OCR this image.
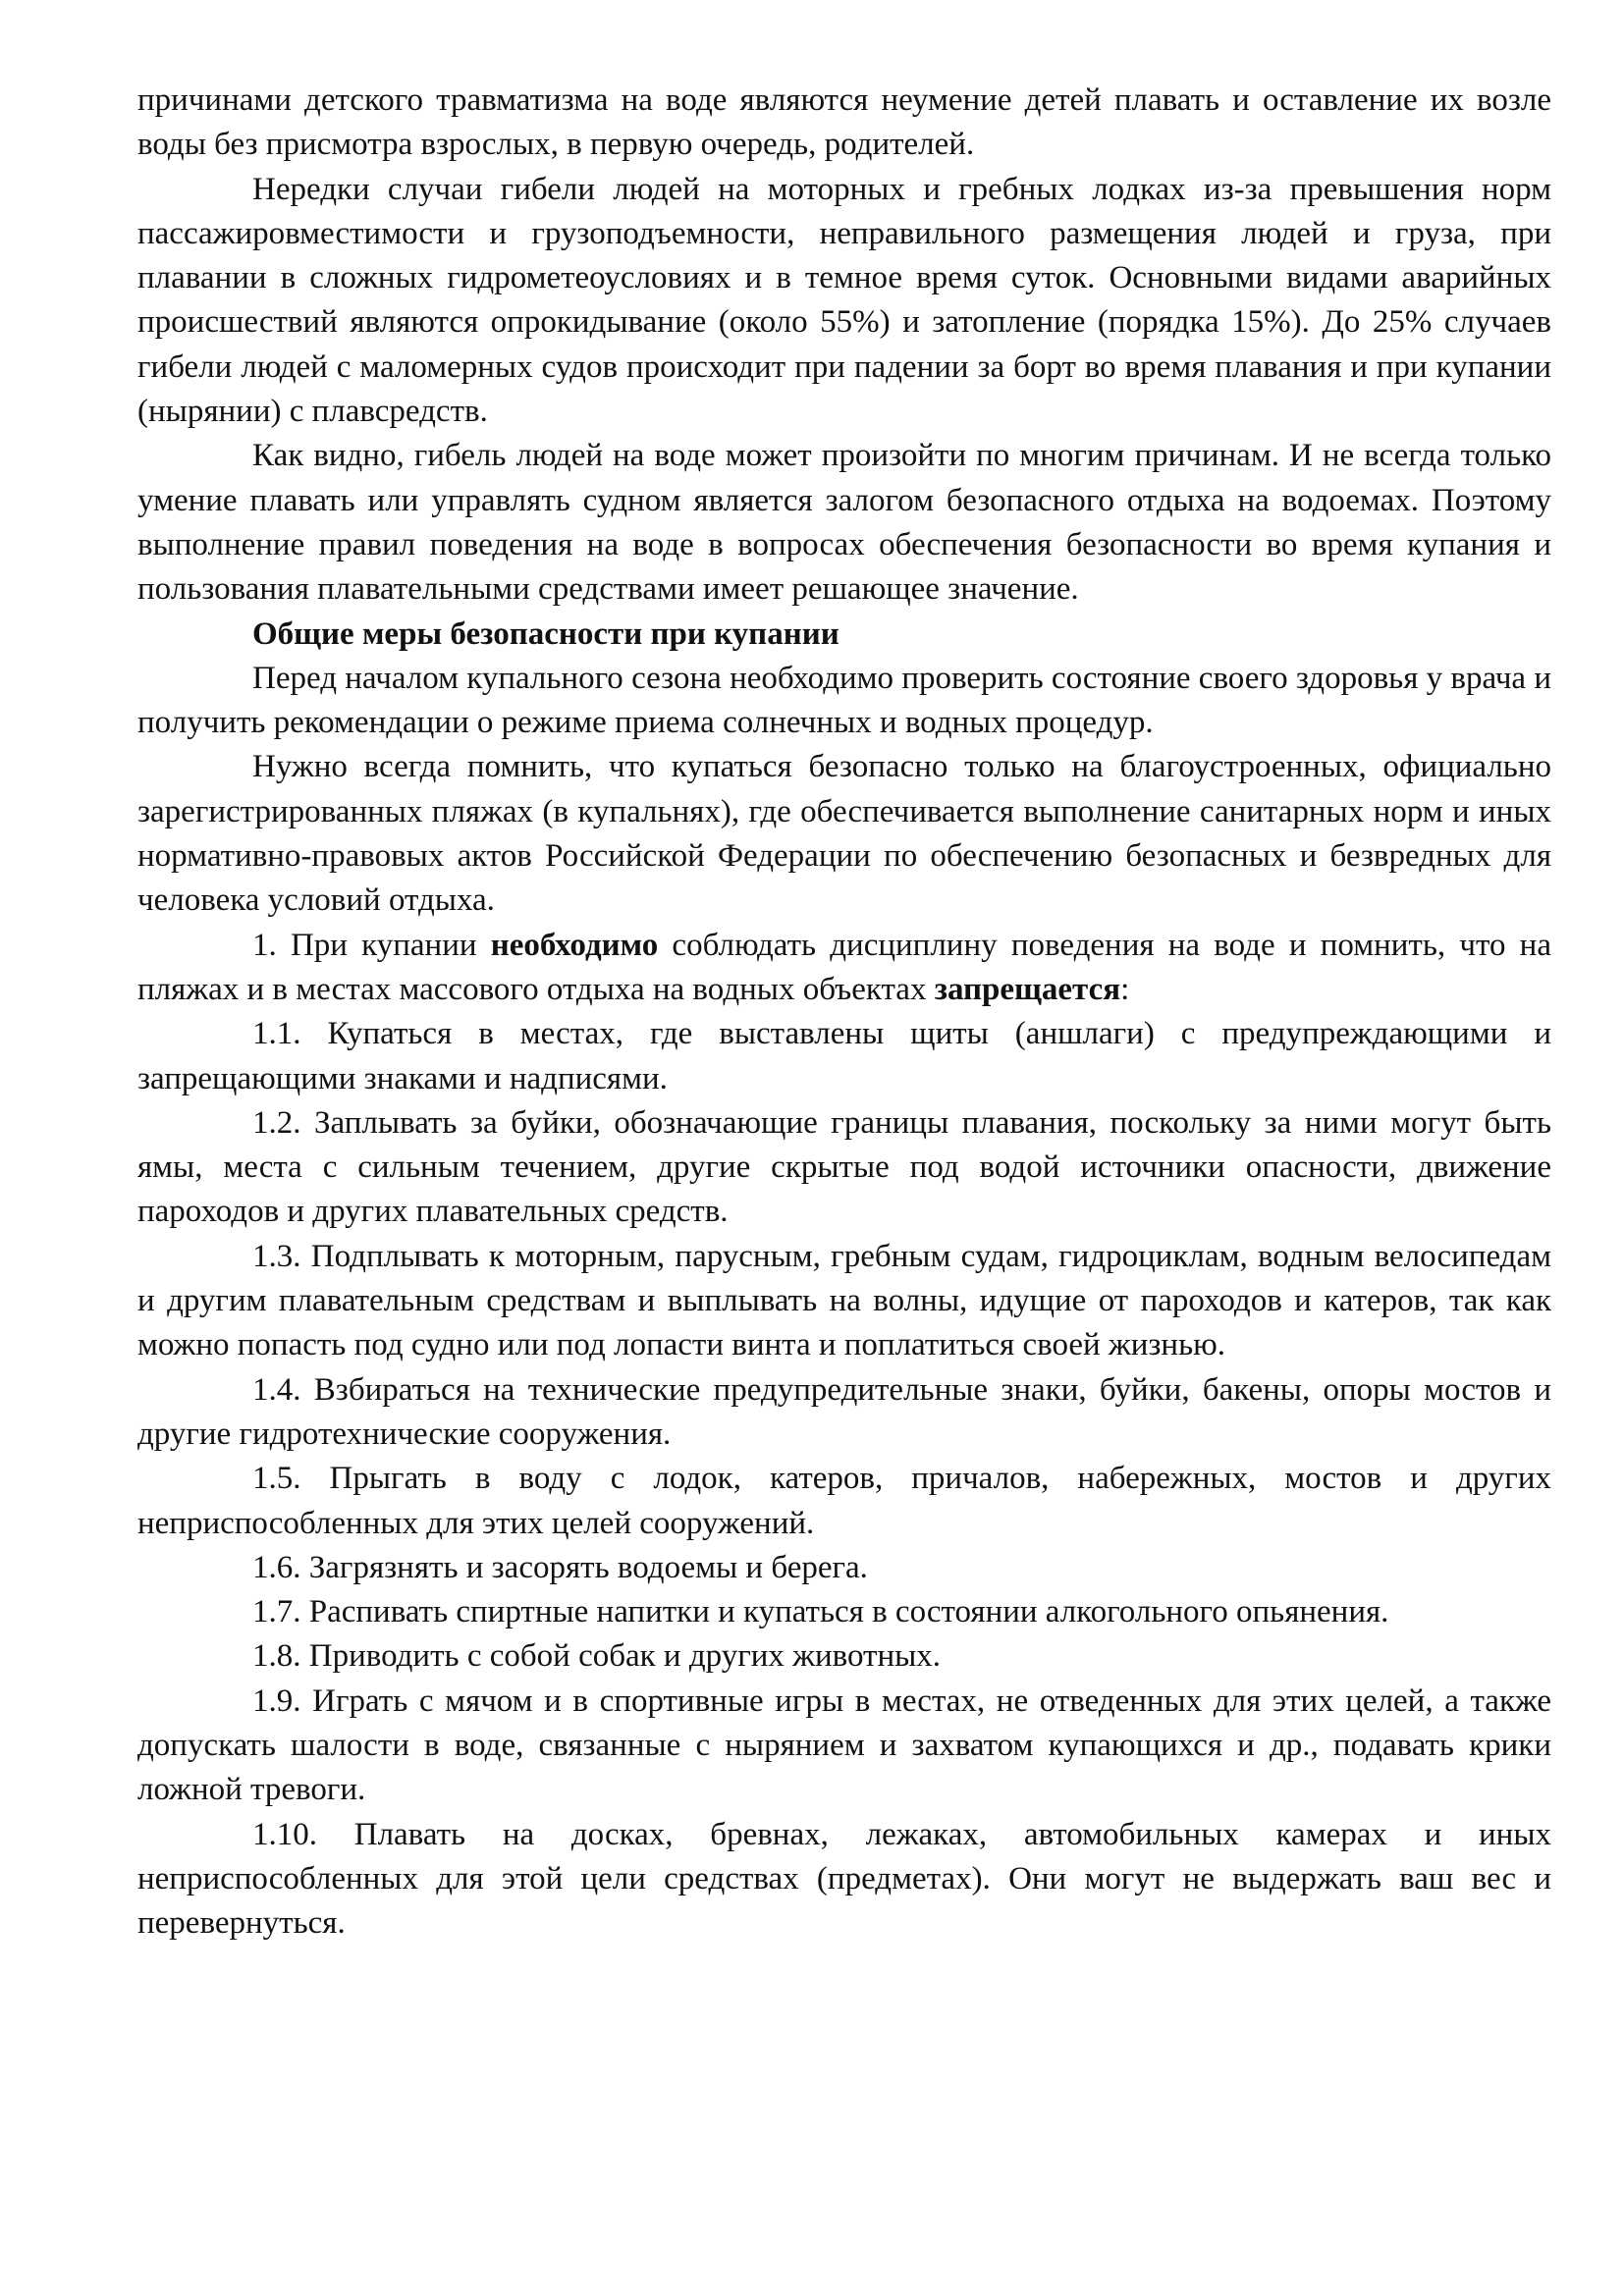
причинами детского травматизма на воде являются неумение детей плавать и оставление их возле воды без присмотра взрослых, в первую очередь, родителей.

Нередки случаи гибели людей на моторных и гребных лодках из-за превышения норм пассажировместимости и грузоподъемности, неправильного размещения людей и груза, при плавании в сложных гидрометеоусловиях и в темное время суток. Основными видами аварийных происшествий являются опрокидывание (около 55%) и затопление (порядка 15%). До 25% случаев гибели людей с маломерных судов происходит при падении за борт во время плавания и при купании (нырянии) с плавсредств.

Как видно, гибель людей на воде может произойти по многим причинам. И не всегда только умение плавать или управлять судном является залогом безопасного отдыха на водоемах. Поэтому выполнение правил поведения на воде в вопросах обеспечения безопасности во время купания и пользования плавательными средствами имеет решающее значение.

Общие меры безопасности при купании

Перед началом купального сезона необходимо проверить состояние своего здоровья у врача и получить рекомендации о режиме приема солнечных и водных процедур.

Нужно всегда помнить, что купаться безопасно только на благоустроенных, официально зарегистрированных пляжах (в купальнях), где обеспечивается выполнение санитарных норм и иных нормативно-правовых актов Российской Федерации по обеспечению безопасных и безвредных для человека условий отдыха.

1. При купании необходимо соблюдать дисциплину поведения на воде и помнить, что на пляжах и в местах массового отдыха на водных объектах запрещается:

1.1. Купаться в местах, где выставлены щиты (аншлаги) с предупреждающими и запрещающими знаками и надписями.

1.2. Заплывать за буйки, обозначающие границы плавания, поскольку за ними могут быть ямы, места с сильным течением, другие скрытые под водой источники опасности, движение пароходов и других плавательных средств.

1.3. Подплывать к моторным, парусным, гребным судам, гидроциклам, водным велосипедам и другим плавательным средствам и выплывать на волны, идущие от пароходов и катеров, так как можно попасть под судно или под лопасти винта и поплатиться своей жизнью.

1.4. Взбираться на технические предупредительные знаки, буйки, бакены, опоры мостов и другие гидротехнические сооружения.

1.5. Прыгать в воду с лодок, катеров, причалов, набережных, мостов и других неприспособленных для этих целей сооружений.

1.6. Загрязнять и засорять водоемы и берега.

1.7. Распивать спиртные напитки и купаться в состоянии алкогольного опьянения.

1.8. Приводить с собой собак и других животных.

1.9. Играть с мячом и в спортивные игры в местах, не отведенных для этих целей, а также допускать шалости в воде, связанные с нырянием и захватом купающихся и др., подавать крики ложной тревоги.

1.10. Плавать на досках, бревнах, лежаках, автомобильных камерах и иных неприспособленных для этой цели средствах (предметах). Они могут не выдержать ваш вес и перевернуться.
